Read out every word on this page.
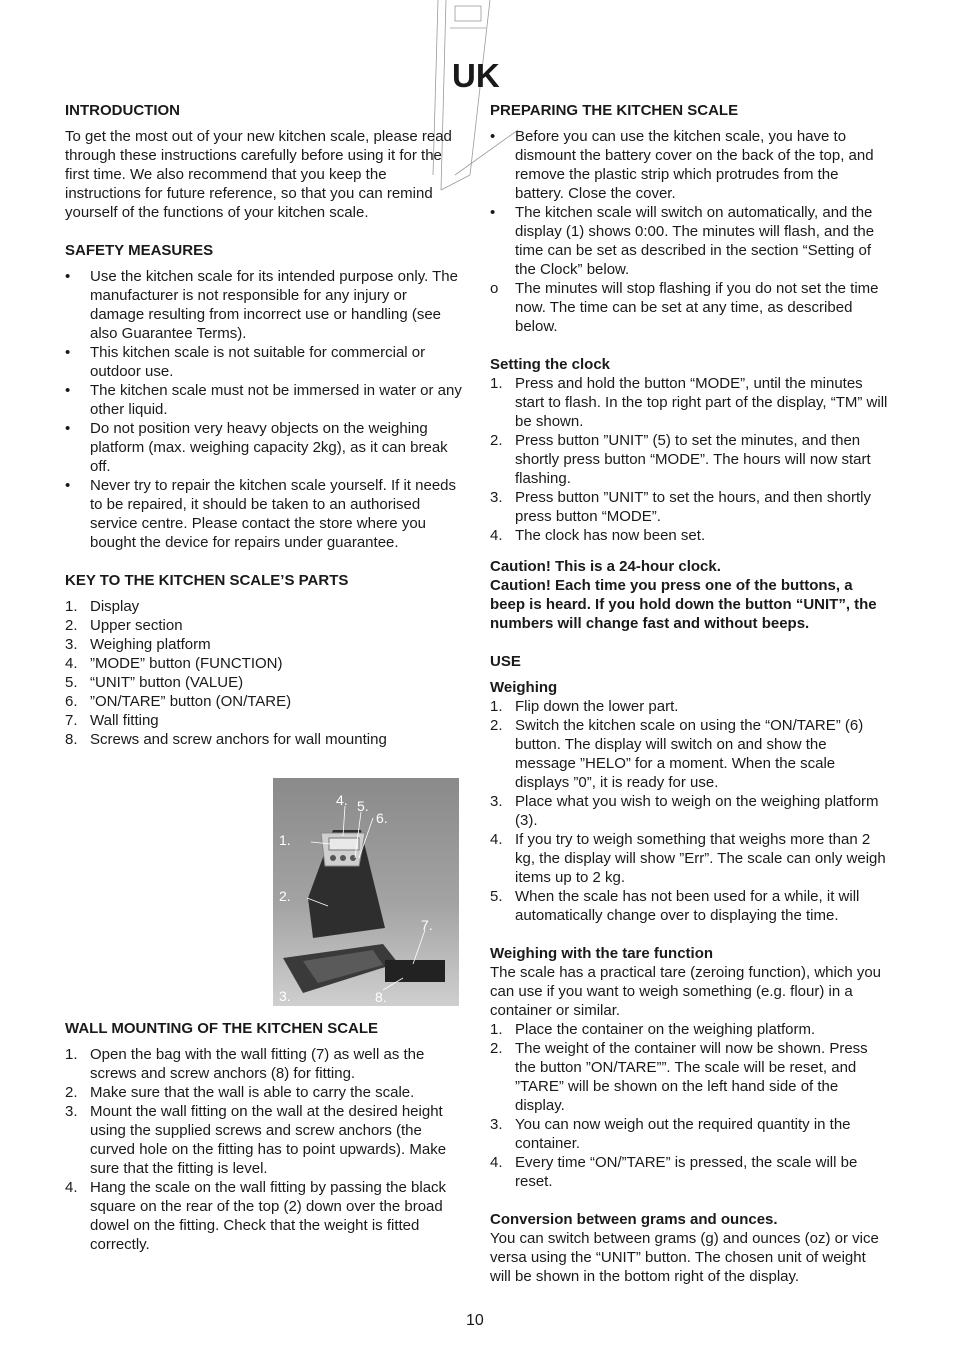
UK
INTRODUCTION

To get the most out of your new kitchen scale, please read through these instructions carefully before using it for the first time. We also recommend that you keep the instructions for future reference, so that you can remind yourself of the functions of your kitchen scale.

SAFETY MEASURES
• Use the kitchen scale for its intended purpose only. The manufacturer is not responsible for any injury or damage resulting from incorrect use or handling (see also Guarantee Terms).
• This kitchen scale is not suitable for commercial or outdoor use.
• The kitchen scale must not be immersed in water or any other liquid.
• Do not position very heavy objects on the weighing platform (max. weighing capacity 2kg), as it can break off.
• Never try to repair the kitchen scale yourself. If it needs to be repaired, it should be taken to an authorised service centre. Please contact the store where you bought the device for repairs under guarantee.
KEY TO THE KITCHEN SCALE’S PARTS
1. Display
2. Upper section
3. Weighing platform
4. ”MODE” button (FUNCTION)
5. “UNIT” button (VALUE)
6. ”ON/TARE” button (ON/TARE)
7. Wall fitting
8. Screws and screw anchors for wall mounting
1.
2.
3.
4. 5.
6.
7.
8.
WALL MOUNTING OF THE KITCHEN SCALE
1. Open the bag with the wall fitting (7) as well as the screws and screw anchors (8) for fitting.
2. Make sure that the wall is able to carry the scale.
3. Mount the wall fitting on the wall at the desired height using the supplied screws and screw anchors (the curved hole on the fitting has to point upwards). Make sure that the fitting is level.
4. Hang the scale on the wall fitting by passing the black square on the rear of the top (2) down over the broad dowel on the fitting. Check that the weight is fitted correctly.
PREPARING THE KITCHEN SCALE
• Before you can use the kitchen scale, you have to dismount the battery cover on the back of the top, and remove the plastic strip which protrudes from the battery. Close the cover.
• The kitchen scale will switch on automatically, and the display (1) shows 0:00. The minutes will flash, and the time can be set as described in the section “Setting of the Clock” below.
o The minutes will stop flashing if you do not set the time now. The time can be set at any time, as described below.
Setting the clock
1. Press and hold the button “MODE”, until the minutes start to flash. In the top right part of the display, “TM” will be shown.
2. Press button ”UNIT” (5) to set the minutes, and then shortly press button “MODE”. The hours will now start flashing.
3. Press button ”UNIT” to set the hours, and then shortly press button “MODE”.
4. The clock has now been set.

Caution! This is a 24-hour clock.

Caution! Each time you press one of the buttons, a beep is heard. If you hold down the button “UNIT”, the numbers will change fast and without beeps.

USE
Weighing
1. Flip down the lower part.
2. Switch the kitchen scale on using the “ON/TARE” (6) button. The display will switch on and show the message ”HELO” for a moment. When the scale displays ”0”, it is ready for use.
3. Place what you wish to weigh on the weighing platform (3).
4. If you try to weigh something that weighs more than 2 kg, the display will show ”Err”. The scale can only weigh items up to 2 kg.
5. When the scale has not been used for a while, it will automatically change over to displaying the time.
Weighing with the tare function

The scale has a practical tare (zeroing function), which you can use if you want to weigh something (e.g. flour) in a container or similar.

1. Place the container on the weighing platform.
2. The weight of the container will now be shown. Press the button ”ON/TARE””. The scale will be reset, and ”TARE” will be shown on the left hand side of the display.
3. You can now weigh out the required quantity in the container.
4. Every time “ON/”TARE” is pressed, the scale will be reset.
Conversion between grams and ounces.

You can switch between grams (g) and ounces (oz) or vice versa using the “UNIT” button. The chosen unit of weight will be shown in the bottom right of the display.

10
